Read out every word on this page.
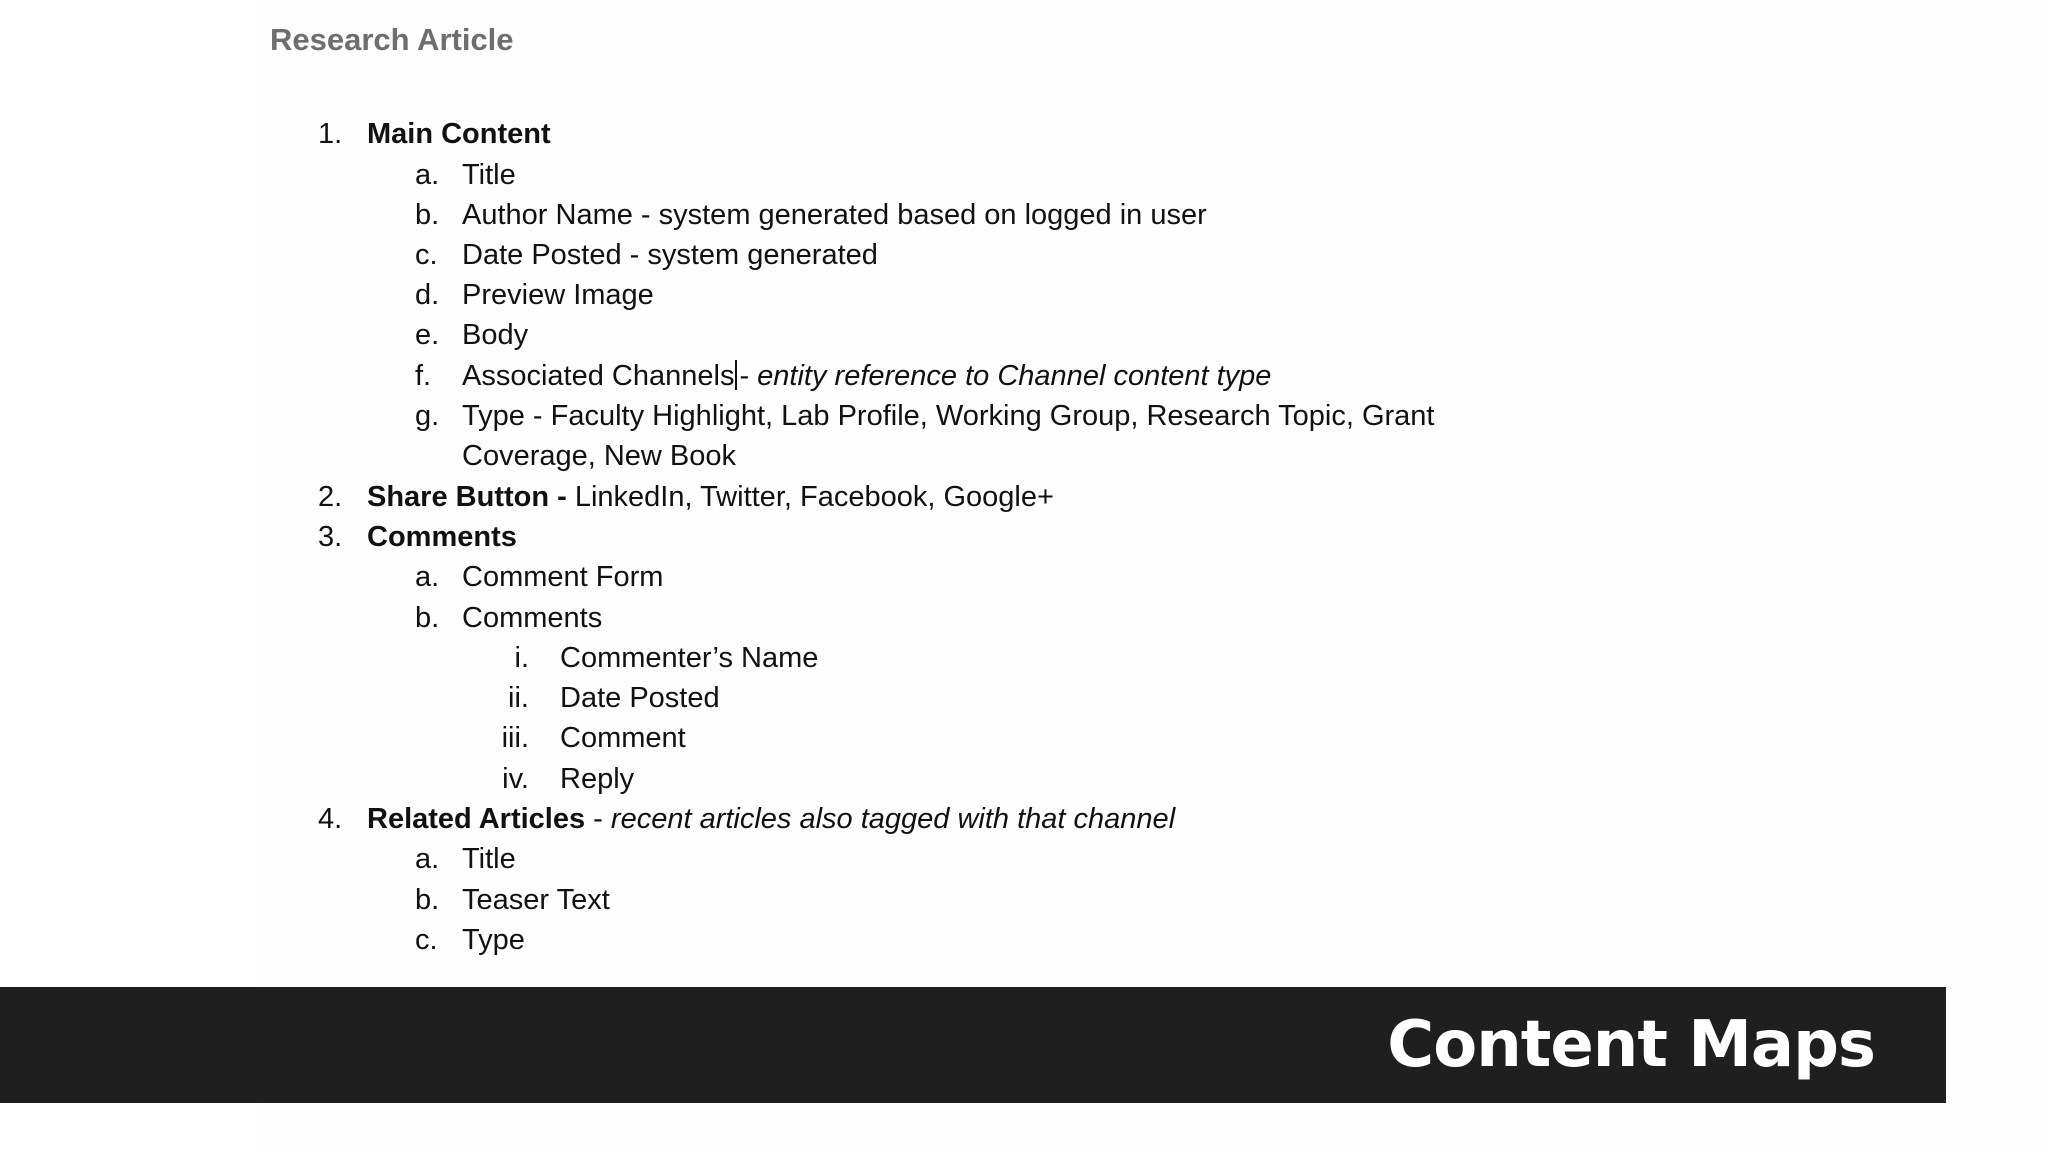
Research Article
1. Main Content
a. Title
b. Author Name - system generated based on logged in user
c. Date Posted - system generated
d. Preview Image
e. Body
f. Associated Channels - entity reference to Channel content type
g. Type - Faculty Highlight, Lab Profile, Working Group, Research Topic, Grant
Coverage, New Book
2. Share Button - LinkedIn, Twitter, Facebook, Google+
3. Comments
a. Comment Form
b. Comments
i. Commenter’s Name
ii. Date Posted
iii. Comment
iv. Reply
4. Related Articles - recent articles also tagged with that channel
a. Title
b. Teaser Text
c. Type
Content Maps
